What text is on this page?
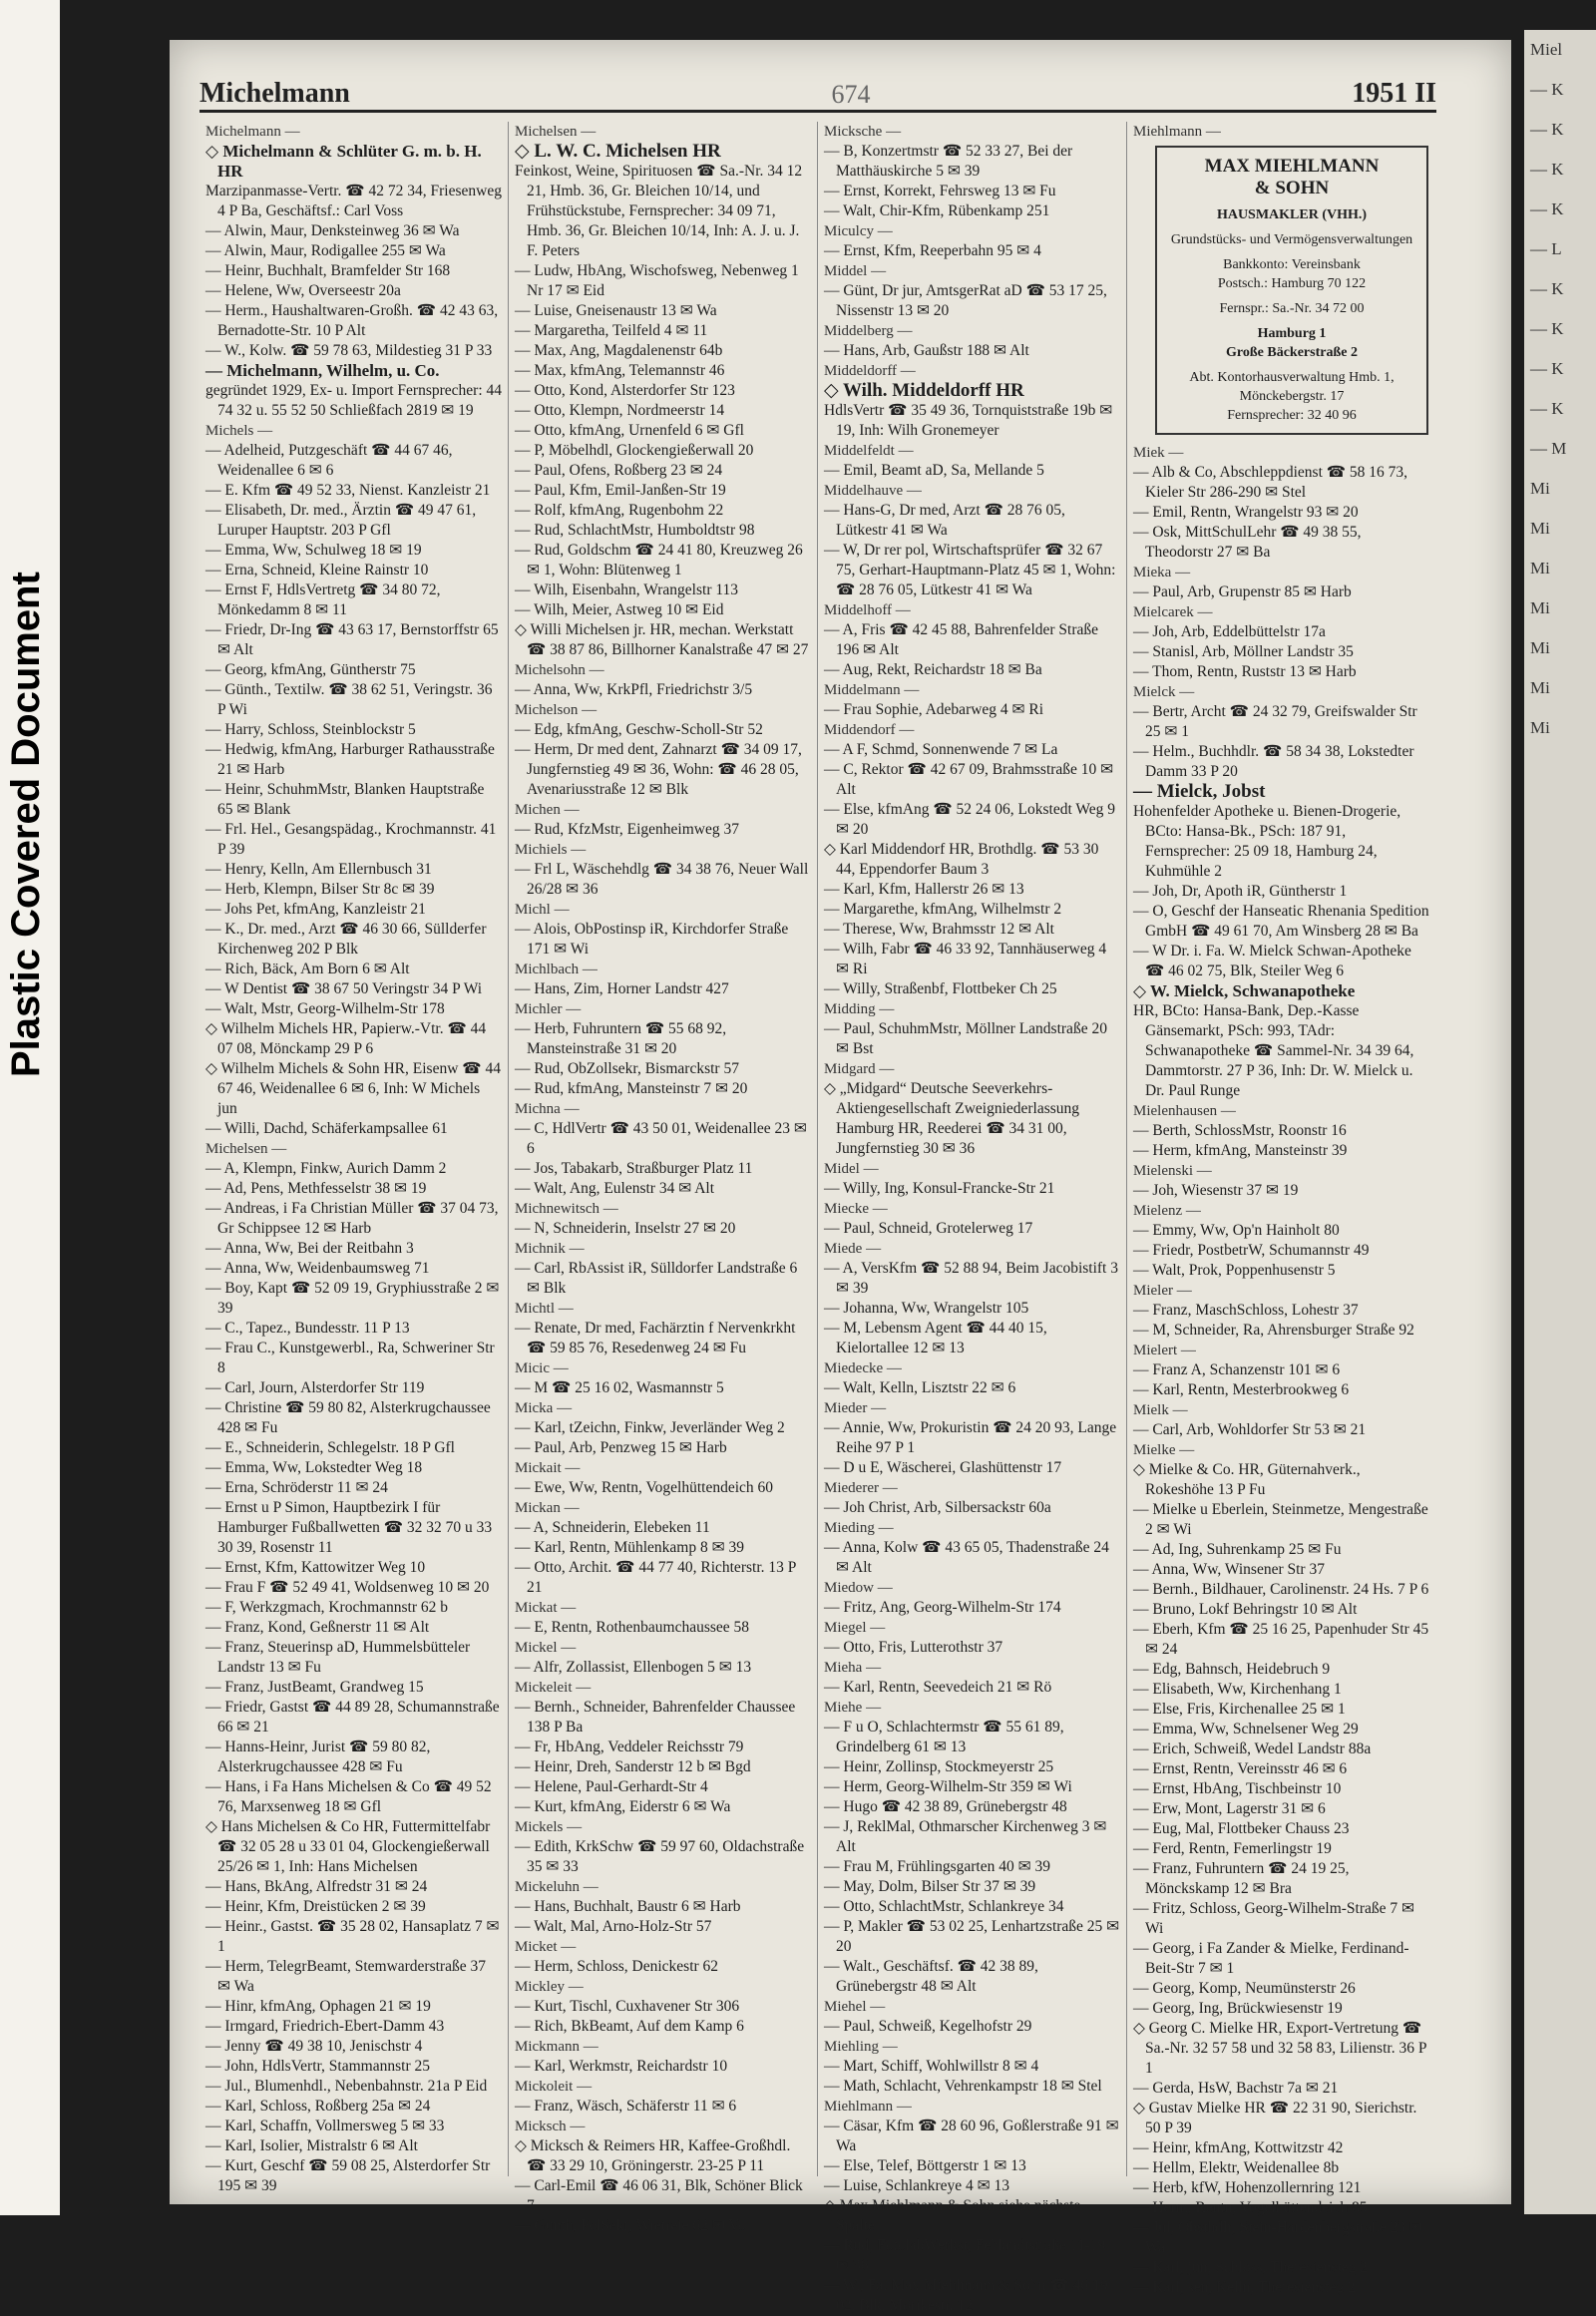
Plastic Covered Document
Michelmann	674	1951 II
Michelmann —
◇ Michelmann & Schlüter G. m. b. H. HR
Marzipanmasse-Vertr. ☎ 42 72 34, Friesenweg 4 P Ba, Geschäftsf.: Carl Voss
— Alwin, Maur, Denksteinweg 36 ✉ Wa
— Alwin, Maur, Rodigallee 255 ✉ Wa
— Heinr, Buchhalt, Bramfelder Str 168
— Helene, Ww, Overseestr 20a
— Herm., Haushaltwaren-Großh. ☎ 42 43 63, Bernadotte-Str. 10 P Alt
— W., Kolw. ☎ 59 78 63, Mildestieg 31 P 33
— Michelmann, Wilhelm, u. Co.
gegründet 1929, Ex- u. Import Fernsprecher: 44 74 32 u. 55 52 50 Schließfach 2819 ✉ 19
Michels —
— Adelheid, Putzgeschäft ☎ 44 67 46, Weidenallee 6 ✉ 6
— E. Kfm ☎ 49 52 33, Nienst. Kanzleistr 21
— Elisabeth, Dr. med., Ärztin ☎ 49 47 61, Luruper Hauptstr. 203 P Gfl
— Emma, Ww, Schulweg 18 ✉ 19
— Erna, Schneid, Kleine Rainstr 10
— Ernst F, HdlsVertretg ☎ 34 80 72, Mönkedamm 8 ✉ 11
— Friedr, Dr-Ing ☎ 43 63 17, Bernstorffstr 65 ✉ Alt
— Georg, kfmAng, Güntherstr 75
— Günth., Textilw. ☎ 38 62 51, Veringstr. 36 P Wi
— Harry, Schloss, Steinblockstr 5
— Hedwig, kfmAng, Harburger Rathausstraße 21 ✉ Harb
— Heinr, SchuhmMstr, Blanken Hauptstraße 65 ✉ Blank
— Frl. Hel., Gesangspädag., Krochmannstr. 41 P 39
— Henry, Kelln, Am Ellernbusch 31
— Herb, Klempn, Bilser Str 8c ✉ 39
— Johs Pet, kfmAng, Kanzleistr 21
— K., Dr. med., Arzt ☎ 46 30 66, Süllderfer Kirchenweg 202 P Blk
— Rich, Bäck, Am Born 6 ✉ Alt
— W Dentist ☎ 38 67 50 Veringstr 34 P Wi
— Walt, Mstr, Georg-Wilhelm-Str 178
◇ Wilhelm Michels HR, Papierw.-Vtr. ☎ 44 07 08, Mönckamp 29 P 6
◇ Wilhelm Michels & Sohn HR, Eisenw ☎ 44 67 46, Weidenallee 6 ✉ 6, Inh: W Michels jun
— Willi, Dachd, Schäferkampsallee 61
Michelsen —
— A, Klempn, Finkw, Aurich Damm 2
— Ad, Pens, Methfesselstr 38 ✉ 19
— Andreas, i Fa Christian Müller ☎ 37 04 73, Gr Schippsee 12 ✉ Harb
— Anna, Ww, Bei der Reitbahn 3
— Anna, Ww, Weidenbaumsweg 71
— Boy, Kapt ☎ 52 09 19, Gryphiusstraße 2 ✉ 39
— C., Tapez., Bundesstr. 11 P 13
— Frau C., Kunstgewerbl., Ra, Schweriner Str 8
— Carl, Journ, Alsterdorfer Str 119
— Christine ☎ 59 80 82, Alsterkrugchaussee 428 ✉ Fu
— E., Schneiderin, Schlegelstr. 18 P Gfl
— Emma, Ww, Lokstedter Weg 18
— Erna, Schröderstr 11 ✉ 24
— Ernst u P Simon, Hauptbezirk I für Hamburger Fußballwetten ☎ 32 32 70 u 33 30 39, Rosenstr 11
— Ernst, Kfm, Kattowitzer Weg 10
— Frau F ☎ 52 49 41, Woldsenweg 10 ✉ 20
— F, Werkzgmach, Krochmannstr 62 b
— Franz, Kond, Geßnerstr 11 ✉ Alt
— Franz, Steuerinsp aD, Hummelsbütteler Landstr 13 ✉ Fu
— Franz, JustBeamt, Grandweg 15
— Friedr, Gastst ☎ 44 89 28, Schumannstraße 66 ✉ 21
— Hanns-Heinr, Jurist ☎ 59 80 82, Alsterkrugchaussee 428 ✉ Fu
— Hans, i Fa Hans Michelsen & Co ☎ 49 52 76, Marxsenweg 18 ✉ Gfl
◇ Hans Michelsen & Co HR, Futtermittelfabr ☎ 32 05 28 u 33 01 04, Glockengießerwall 25/26 ✉ 1, Inh: Hans Michelsen
— Hans, BkAng, Alfredstr 31 ✉ 24
— Heinr, Kfm, Dreistücken 2 ✉ 39
— Heinr., Gastst. ☎ 35 28 02, Hansaplatz 7 ✉ 1
— Herm, TelegrBeamt, Stemwarderstraße 37 ✉ Wa
— Hinr, kfmAng, Ophagen 21 ✉ 19
— Irmgard, Friedrich-Ebert-Damm 43
— Jenny ☎ 49 38 10, Jenischstr 4
— John, HdlsVertr, Stammannstr 25
— Jul., Blumenhdl., Nebenbahnstr. 21a P Eid
— Karl, Schloss, Roßberg 25a ✉ 24
— Karl, Schaffn, Vollmersweg 5 ✉ 33
— Karl, Isolier, Mistralstr 6 ✉ Alt
— Kurt, Geschf ☎ 59 08 25, Alsterdorfer Str 195 ✉ 39
Michelsen —
◇ L. W. C. Michelsen HR
Feinkost, Weine, Spirituosen ☎ Sa.-Nr. 34 12 21, Hmb. 36, Gr. Bleichen 10/14, und Frühstückstube, Fernsprecher: 34 09 71, Hmb. 36, Gr. Bleichen 10/14, Inh: A. J. u. J. F. Peters
— Ludw, HbAng, Wischofsweg, Nebenweg 1 Nr 17 ✉ Eid
— Luise, Gneisenaustr 13 ✉ Wa
— Margaretha, Teilfeld 4 ✉ 11
— Max, Ang, Magdalenenstr 64b
— Max, kfmAng, Telemannstr 46
— Otto, Kond, Alsterdorfer Str 123
— Otto, Klempn, Nordmeerstr 14
— Otto, kfmAng, Urnenfeld 6 ✉ Gfl
— P, Möbelhdl, Glockengießerwall 20
— Paul, Ofens, Roßberg 23 ✉ 24
— Paul, Kfm, Emil-Janßen-Str 19
— Rolf, kfmAng, Rugenbohm 22
— Rud, SchlachtMstr, Humboldtstr 98
— Rud, Goldschm ☎ 24 41 80, Kreuzweg 26 ✉ 1, Wohn: Blütenweg 1
— Wilh, Eisenbahn, Wrangelstr 113
— Wilh, Meier, Astweg 10 ✉ Eid
◇ Willi Michelsen jr. HR, mechan. Werkstatt ☎ 38 87 86, Billhorner Kanalstraße 47 ✉ 27
Michelsohn —
— Anna, Ww, KrkPfl, Friedrichstr 3/5
Michelson —
— Edg, kfmAng, Geschw-Scholl-Str 52
— Herm, Dr med dent, Zahnarzt ☎ 34 09 17, Jungfernstieg 49 ✉ 36, Wohn: ☎ 46 28 05, Avenariusstraße 12 ✉ Blk
Michen —
— Rud, KfzMstr, Eigenheimweg 37
Michiels —
— Frl L, Wäschehdlg ☎ 34 38 76, Neuer Wall 26/28 ✉ 36
Michl —
— Alois, ObPostinsp iR, Kirchdorfer Straße 171 ✉ Wi
Michlbach —
— Hans, Zim, Horner Landstr 427
Michler —
— Herb, Fuhruntern ☎ 55 68 92, Mansteinstraße 31 ✉ 20
— Rud, ObZollsekr, Bismarckstr 57
— Rud, kfmAng, Mansteinstr 7 ✉ 20
Michna —
— C, HdlVertr ☎ 43 50 01, Weidenallee 23 ✉ 6
— Jos, Tabakarb, Straßburger Platz 11
— Walt, Ang, Eulenstr 34 ✉ Alt
Michnewitsch —
— N, Schneiderin, Inselstr 27 ✉ 20
Michnik —
— Carl, RbAssist iR, Sülldorfer Landstraße 6 ✉ Blk
Michtl —
— Renate, Dr med, Fachärztin f Nervenkrkht ☎ 59 85 76, Resedenweg 24 ✉ Fu
Micic —
— M ☎ 25 16 02, Wasmannstr 5
Micka —
— Karl, tZeichn, Finkw, Jeverländer Weg 2
— Paul, Arb, Penzweg 15 ✉ Harb
Mickait —
— Ewe, Ww, Rentn, Vogelhüttendeich 60
Mickan —
— A, Schneiderin, Elebeken 11
— Karl, Rentn, Mühlenkamp 8 ✉ 39
— Otto, Archit. ☎ 44 77 40, Richterstr. 13 P 21
Mickat —
— E, Rentn, Rothenbaumchaussee 58
Mickel —
— Alfr, Zollassist, Ellenbogen 5 ✉ 13
Mickeleit —
— Bernh., Schneider, Bahrenfelder Chaussee 138 P Ba
— Fr, HbAng, Veddeler Reichsstr 79
— Heinr, Dreh, Sanderstr 12 b ✉ Bgd
— Helene, Paul-Gerhardt-Str 4
— Kurt, kfmAng, Eiderstr 6 ✉ Wa
Mickels —
— Edith, KrkSchw ☎ 59 97 60, Oldachstraße 35 ✉ 33
Mickeluhn —
— Hans, Buchhalt, Baustr 6 ✉ Harb
— Walt, Mal, Arno-Holz-Str 57
Micket —
— Herm, Schloss, Denickestr 62
Mickley —
— Kurt, Tischl, Cuxhavener Str 306
— Rich, BkBeamt, Auf dem Kamp 6
Mickmann —
— Karl, Werkmstr, Reichardstr 10
Mickoleit —
— Franz, Wäsch, Schäferstr 11 ✉ 6
Micksch —
◇ Micksch & Reimers HR, Kaffee-Großhdl. ☎ 33 29 10, Gröningerstr. 23-25 P 11
— Carl-Emil ☎ 46 06 31, Blk, Schöner Blick 7
— Günth, PolSekr, Wietreie 62 ✉ Vo
Micksche —
— B, Konzertmstr ☎ 52 33 27, Bei der Matthäuskirche 5 ✉ 39
— Ernst, Korrekt, Fehrsweg 13 ✉ Fu
— Walt, Chir-Kfm, Rübenkamp 251
Miculcy —
— Ernst, Kfm, Reeperbahn 95 ✉ 4
Middel —
— Günt, Dr jur, AmtsgerRat aD ☎ 53 17 25, Nissenstr 13 ✉ 20
Middelberg —
— Hans, Arb, Gaußstr 188 ✉ Alt
Middeldorff —
◇ Wilh. Middeldorff HR
HdlsVertr ☎ 35 49 36, Tornquiststraße 19b ✉ 19, Inh: Wilh Gronemeyer
Middelfeldt —
— Emil, Beamt aD, Sa, Mellande 5
Middelhauve —
— Hans-G, Dr med, Arzt ☎ 28 76 05, Lütkestr 41 ✉ Wa
— W, Dr rer pol, Wirtschaftsprüfer ☎ 32 67 75, Gerhart-Hauptmann-Platz 45 ✉ 1, Wohn: ☎ 28 76 05, Lütkestr 41 ✉ Wa
Middelhoff —
— A, Fris ☎ 42 45 88, Bahrenfelder Straße 196 ✉ Alt
— Aug, Rekt, Reichardstr 18 ✉ Ba
Middelmann —
— Frau Sophie, Adebarweg 4 ✉ Ri
Middendorf —
— A F, Schmd, Sonnenwende 7 ✉ La
— C, Rektor ☎ 42 67 09, Brahmsstraße 10 ✉ Alt
— Else, kfmAng ☎ 52 24 06, Lokstedt Weg 9 ✉ 20
◇ Karl Middendorf HR, Brothdlg. ☎ 53 30 44, Eppendorfer Baum 3
— Karl, Kfm, Hallerstr 26 ✉ 13
— Margarethe, kfmAng, Wilhelmstr 2
— Therese, Ww, Brahmsstr 12 ✉ Alt
— Wilh, Fabr ☎ 46 33 92, Tannhäuserweg 4 ✉ Ri
— Willy, Straßenbf, Flottbeker Ch 25
Midding —
— Paul, SchuhmMstr, Möllner Landstraße 20 ✉ Bst
Midgard —
◇ „Midgard“ Deutsche Seeverkehrs-Aktiengesellschaft Zweigniederlassung Hamburg HR, Reederei ☎ 34 31 00, Jungfernstieg 30 ✉ 36
Midel —
— Willy, Ing, Konsul-Francke-Str 21
Miecke —
— Paul, Schneid, Grotelerweg 17
Miede —
— A, VersKfm ☎ 52 88 94, Beim Jacobistift 3 ✉ 39
— Johanna, Ww, Wrangelstr 105
— M, Lebensm Agent ☎ 44 40 15, Kielortallee 12 ✉ 13
Miedecke —
— Walt, Kelln, Lisztstr 22 ✉ 6
Mieder —
— Annie, Ww, Prokuristin ☎ 24 20 93, Lange Reihe 97 P 1
— D u E, Wäscherei, Glashüttenstr 17
Miederer —
— Joh Christ, Arb, Silbersackstr 60a
Mieding —
— Anna, Kolw ☎ 43 65 05, Thadenstraße 24 ✉ Alt
Miedow —
— Fritz, Ang, Georg-Wilhelm-Str 174
Miegel —
— Otto, Fris, Lutterothstr 37
Mieha —
— Karl, Rentn, Seevedeich 21 ✉ Rö
Miehe —
— F u O, Schlachtermstr ☎ 55 61 89, Grindelberg 61 ✉ 13
— Heinr, Zollinsp, Stockmeyerstr 25
— Herm, Georg-Wilhelm-Str 359 ✉ Wi
— Hugo ☎ 42 38 89, Grünebergstr 48
— J, ReklMal, Othmarscher Kirchenweg 3 ✉ Alt
— Frau M, Frühlingsgarten 40 ✉ 39
— May, Dolm, Bilser Str 37 ✉ 39
— Otto, SchlachtMstr, Schlankreye 34
— P, Makler ☎ 53 02 25, Lenhartzstraße 25 ✉ 20
— Walt., Geschäftsf. ☎ 42 38 89, Grünebergstr 48 ✉ Alt
Miehel —
— Paul, Schweiß, Kegelhofstr 29
Miehling —
— Mart, Schiff, Wohlwillstr 8 ✉ 4
— Math, Schlacht, Vehrenkampstr 18 ✉ Stel
Miehlmann —
— Cäsar, Kfm ☎ 28 60 96, Goßlerstraße 91 ✉ Wa
— Else, Telef, Böttgerstr 1 ✉ 13
— Luise, Schlankreye 4 ✉ 13
◇ Max Miehlmann & Sohn siehe nächste Spalte
— Rud, FotolabWerkst, Fehlandtstraße 11-19 ✉ 36
— W., Fa. Max Miehlmann & Sohn ☎ 46 19 02, Blk, Mörikestr. 12
Miehlmann —
MAX MIEHLMANN
& SOHN
HAUSMAKLER (VHH.)
Grundstücks- und Vermögensverwaltungen
Bankkonto: Vereinsbank
Postsch.: Hamburg 70 122
Fernspr.: Sa.-Nr. 34 72 00
Hamburg 1
Große Bäckerstraße 2
Abt. Kontorhausverwaltung Hmb. 1, Mönckebergstr. 17
Fernsprecher: 32 40 96
Miek —
— Alb & Co, Abschleppdienst ☎ 58 16 73, Kieler Str 286-290 ✉ Stel
— Emil, Rentn, Wrangelstr 93 ✉ 20
— Osk, MittSchulLehr ☎ 49 38 55, Theodorstr 27 ✉ Ba
Mieka —
— Paul, Arb, Grupenstr 85 ✉ Harb
Mielcarek —
— Joh, Arb, Eddelbüttelstr 17a
— Stanisl, Arb, Möllner Landstr 35
— Thom, Rentn, Ruststr 13 ✉ Harb
Mielck —
— Bertr, Archt ☎ 24 32 79, Greifswalder Str 25 ✉ 1
— Helm., Buchhdlr. ☎ 58 34 38, Lokstedter Damm 33 P 20
— Mielck, Jobst
Hohenfelder Apotheke u. Bienen-Drogerie, BCto: Hansa-Bk., PSch: 187 91, Fernsprecher: 25 09 18, Hamburg 24, Kuhmühle 2
— Joh, Dr, Apoth iR, Güntherstr 1
— O, Geschf der Hanseatic Rhenania Spedition GmbH ☎ 49 61 70, Am Winsberg 28 ✉ Ba
— W Dr. i. Fa. W. Mielck Schwan-Apotheke ☎ 46 02 75, Blk, Steiler Weg 6
◇ W. Mielck, Schwanapotheke
HR, BCto: Hansa-Bank, Dep.-Kasse Gänsemarkt, PSch: 993, TAdr: Schwanapotheke ☎ Sammel-Nr. 34 39 64, Dammtorstr. 27 P 36, Inh: Dr. W. Mielck u. Dr. Paul Runge
Mielenhausen —
— Berth, SchlossMstr, Roonstr 16
— Herm, kfmAng, Mansteinstr 39
Mielenski —
— Joh, Wiesenstr 37 ✉ 19
Mielenz —
— Emmy, Ww, Op'n Hainholt 80
— Friedr, PostbetrW, Schumannstr 49
— Walt, Prok, Poppenhusenstr 5
Mieler —
— Franz, MaschSchloss, Lohestr 37
— M, Schneider, Ra, Ahrensburger Straße 92
Mielert —
— Franz A, Schanzenstr 101 ✉ 6
— Karl, Rentn, Mesterbrookweg 6
Mielk —
— Carl, Arb, Wohldorfer Str 53 ✉ 21
Mielke —
◇ Mielke & Co. HR, Güternahverk., Rokeshöhe 13 P Fu
— Mielke u Eberlein, Steinmetze, Mengestraße 2 ✉ Wi
— Ad, Ing, Suhrenkamp 25 ✉ Fu
— Anna, Ww, Winsener Str 37
— Bernh., Bildhauer, Carolinenstr. 24 Hs. 7 P 6
— Bruno, Lokf Behringstr 10 ✉ Alt
— Eberh, Kfm ☎ 25 16 25, Papenhuder Str 45 ✉ 24
— Edg, Bahnsch, Heidebruch 9
— Elisabeth, Ww, Kirchenhang 1
— Else, Fris, Kirchenallee 25 ✉ 1
— Emma, Ww, Schnelsener Weg 29
— Erich, Schweiß, Wedel Landstr 88a
— Ernst, Rentn, Vereinsstr 46 ✉ 6
— Ernst, HbAng, Tischbeinstr 10
— Erw, Mont, Lagerstr 31 ✉ 6
— Eug, Mal, Flottbeker Chauss 23
— Ferd, Rentn, Femerlingstr 19
— Franz, Fuhruntern ☎ 24 19 25, Mönckskamp 12 ✉ Bra
— Fritz, Schloss, Georg-Wilhelm-Straße 7 ✉ Wi
— Georg, i Fa Zander & Mielke, Ferdinand-Beit-Str 7 ✉ 1
— Georg, Komp, Neumünsterstr 26
— Georg, Ing, Brückwiesenstr 19
◇ Georg C. Mielke HR, Export-Vertretung ☎ Sa.-Nr. 32 57 58 und 32 58 83, Lilienstr. 36 P 1
— Gerda, HsW, Bachstr 7a ✉ 21
◇ Gustav Mielke HR ☎ 22 31 90, Sierichstr. 50 P 39
— Heinr, kfmAng, Kottwitzstr 42
— Hellm, Elektr, Weidenallee 8b
— Herb, kfW, Hohenzollernring 121
— Herm, Rentn, Vogelhüttendeich 85
— Jul, Obsthdlr, Stein-Hardenbergstraße 23 ✉ Wa
— Karl, jun, Schloss, Theresiensteg 2
— Karl, sen, Kelln, Theresiensteg 2
Miel
— K
— K
— K
— K
— L
— K
— K
— K
— K
— M
Mi
Mi
Mi
Mi
Mi
Mi
Mi
